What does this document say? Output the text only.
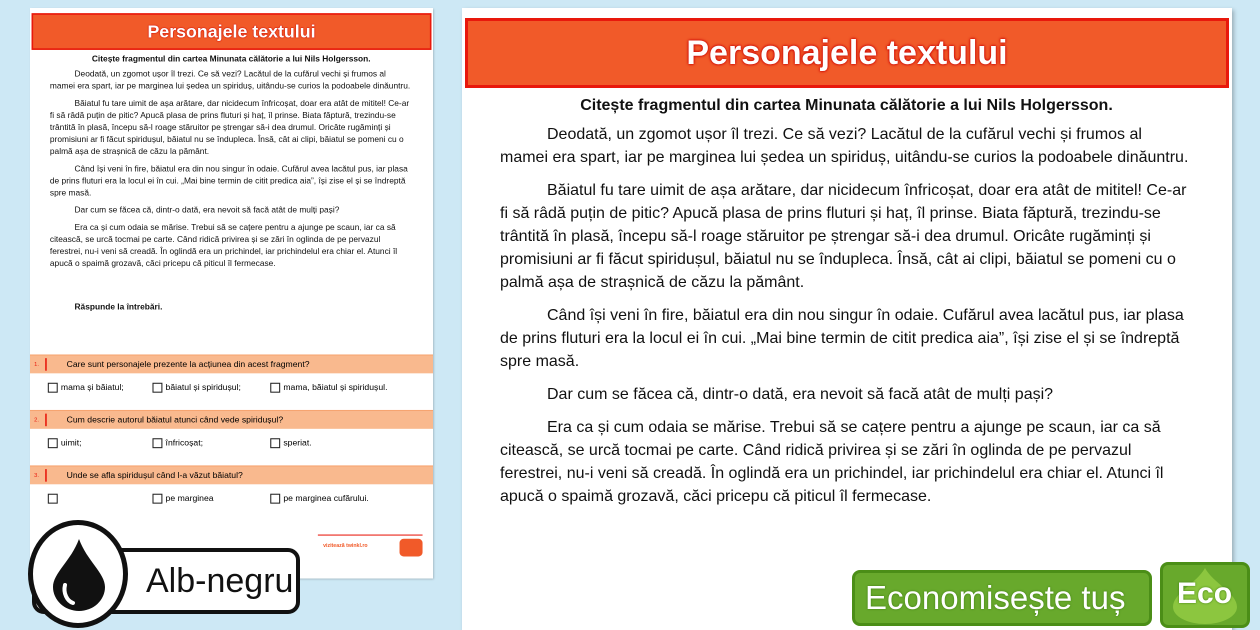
Personajele textului
Citește fragmentul din cartea Minunata călătorie a lui Nils Holgersson.
Deodată, un zgomot ușor îl trezi. Ce să vezi? Lacătul de la cufărul vechi și frumos al mamei era spart, iar pe marginea lui ședea un spiriduș, uitându-se curios la podoabele dinăuntru.
Băiatul fu tare uimit de așa arătare, dar nicidecum înfricoșat, doar era atât de mititel! Ce-ar fi să râdă puțin de pitic? Apucă plasa de prins fluturi și haț, îl prinse. Biata făptură, trezindu-se trântită în plasă, începu să-l roage stăruitor pe ștrengar să-i dea drumul. Oricâte rugăminți și promisiuni ar fi făcut spiridușul, băiatul nu se îndupleca. Însă, cât ai clipi, băiatul se pomeni cu o palmă așa de strașnică de căzu la pământ.
Când își veni în fire, băiatul era din nou singur în odaie. Cufărul avea lacătul pus, iar plasa de prins fluturi era la locul ei în cui. „Mai bine termin de citit predica aia”, își zise el și se îndreptă spre masă.
Dar cum se făcea că, dintr-o dată, era nevoit să facă atât de mulți pași?
Era ca și cum odaia se mărise. Trebui să se cațere pentru a ajunge pe scaun, iar ca să citească, se urcă tocmai pe carte. Când ridică privirea și se zări în oglinda de pe pervazul ferestrei, nu-i veni să creadă. În oglindă era un prichindel, iar prichindelul era chiar el. Atunci îl apucă o spaimă grozavă, căci pricepu că piticul îl fermecase.
Răspunde la întrebări.
1.	Care sunt personajele prezente la acțiunea din acest fragment?
mama și băiatul;	băiatul și spiridușul;	mama, băiatul și spiridușul.
2.	Cum descrie autorul băiatul atunci când vede spiridușul?
uimit;	înfricoșat;	speriat.
3.	Unde se afla spiridușul când l-a văzut băiatul?
pe marginea	pe marginea cufărului.
vizitează twinkl.ro
Personajele textului
Citește fragmentul din cartea Minunata călătorie a lui Nils Holgersson.
Deodată, un zgomot ușor îl trezi. Ce să vezi? Lacătul de la cufărul vechi și frumos al mamei era spart, iar pe marginea lui ședea un spiriduș, uitându-se curios la podoabele dinăuntru.
Băiatul fu tare uimit de așa arătare, dar nicidecum înfricoșat, doar era atât de mititel! Ce-ar fi să râdă puțin de pitic? Apucă plasa de prins fluturi și haț, îl prinse. Biata făptură, trezindu-se trântită în plasă, începu să-l roage stăruitor pe ștrengar să-i dea drumul. Oricâte rugăminți și promisiuni ar fi făcut spiridușul, băiatul nu se îndupleca. Însă, cât ai clipi, băiatul se pomeni cu o palmă așa de strașnică de căzu la pământ.
Când își veni în fire, băiatul era din nou singur în odaie. Cufărul avea lacătul pus, iar plasa de prins fluturi era la locul ei în cui. „Mai bine termin de citit predica aia”, își zise el și se îndreptă spre masă.
Dar cum se făcea că, dintr-o dată, era nevoit să facă atât de mulți pași?
Era ca și cum odaia se mărise. Trebui să se cațere pentru a ajunge pe scaun, iar ca să citească, se urcă tocmai pe carte. Când ridică privirea și se zări în oglinda de pe pervazul ferestrei, nu-i veni să creadă. În oglindă era un prichindel, iar prichindelul era chiar el. Atunci îl apucă o spaimă grozavă, căci pricepu că piticul îl fermecase.
Alb-negru	Economisește tuș Eco
